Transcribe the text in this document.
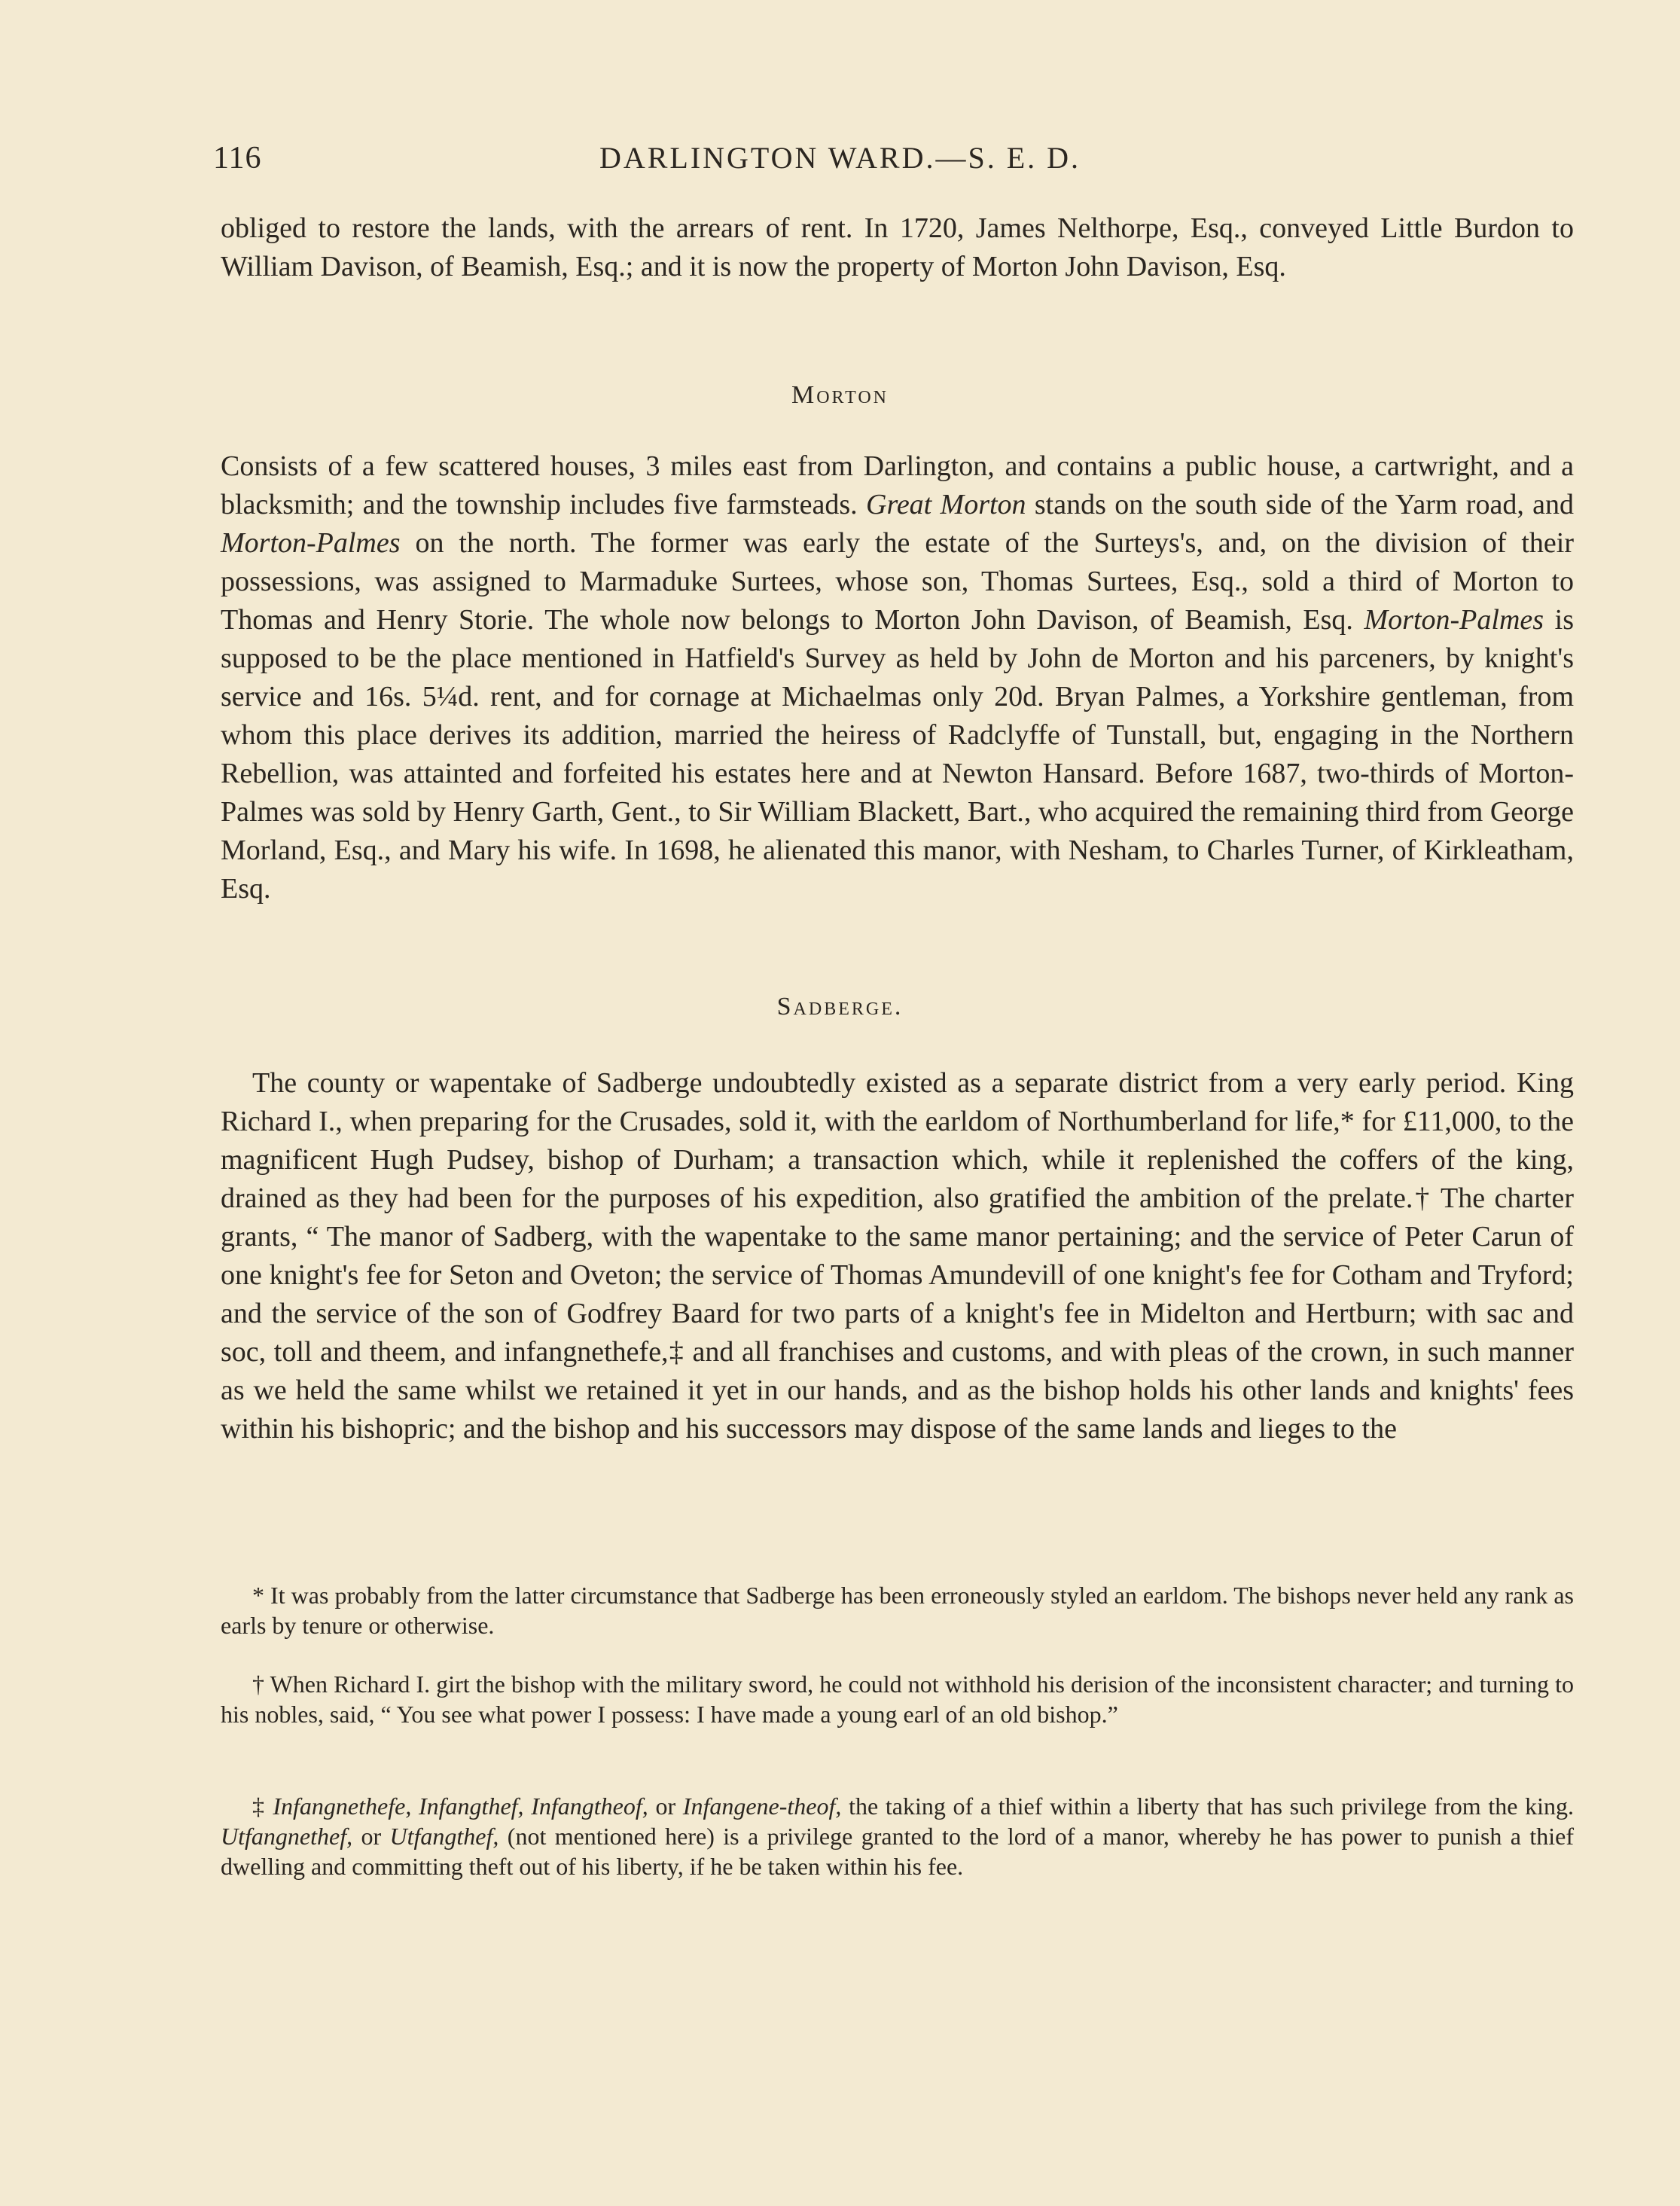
116	DARLINGTON WARD.—S. E. D.

obliged to restore the lands, with the arrears of rent. In 1720, James Nelthorpe, Esq., conveyed Little Burdon to William Davison, of Beamish, Esq.; and it is now the property of Morton John Davison, Esq.

Morton

Consists of a few scattered houses, 3 miles east from Darlington, and contains a public house, a cartwright, and a blacksmith; and the township includes five farmsteads. Great Morton stands on the south side of the Yarm road, and Morton-Palmes on the north. The former was early the estate of the Surteys's, and, on the division of their possessions, was assigned to Marmaduke Surtees, whose son, Thomas Surtees, Esq., sold a third of Morton to Thomas and Henry Storie. The whole now belongs to Morton John Davison, of Beamish, Esq. Morton-Palmes is supposed to be the place mentioned in Hatfield's Survey as held by John de Morton and his parceners, by knight's service and 16s. 5¼d. rent, and for cornage at Michaelmas only 20d. Bryan Palmes, a Yorkshire gentleman, from whom this place derives its addition, married the heiress of Radclyffe of Tunstall, but, engaging in the Northern Rebellion, was attainted and forfeited his estates here and at Newton Hansard. Before 1687, two-thirds of Morton-Palmes was sold by Henry Garth, Gent., to Sir William Blackett, Bart., who acquired the remaining third from George Morland, Esq., and Mary his wife. In 1698, he alienated this manor, with Nesham, to Charles Turner, of Kirkleatham, Esq.

Sadberge.

The county or wapentake of Sadberge undoubtedly existed as a separate district from a very early period. King Richard I., when preparing for the Crusades, sold it, with the earldom of Northumberland for life,* for £11,000, to the magnificent Hugh Pudsey, bishop of Durham; a transaction which, while it replenished the coffers of the king, drained as they had been for the purposes of his expedition, also gratified the ambition of the prelate.† The charter grants, “ The manor of Sadberg, with the wapentake to the same manor pertaining; and the service of Peter Carun of one knight's fee for Seton and Oveton; the service of Thomas Amundevill of one knight's fee for Cotham and Tryford; and the service of the son of Godfrey Baard for two parts of a knight's fee in Midelton and Hertburn; with sac and soc, toll and theem, and infangnethefe,‡ and all franchises and customs, and with pleas of the crown, in such manner as we held the same whilst we retained it yet in our hands, and as the bishop holds his other lands and knights' fees within his bishopric; and the bishop and his successors may dispose of the same lands and lieges to the

* It was probably from the latter circumstance that Sadberge has been erroneously styled an earldom. The bishops never held any rank as earls by tenure or otherwise.
† When Richard I. girt the bishop with the military sword, he could not withhold his derision of the inconsistent character; and turning to his nobles, said, “ You see what power I possess: I have made a young earl of an old bishop.”
‡ Infangnethefe, Infangthef, Infangtheof, or Infangene-theof, the taking of a thief within a liberty that has such privilege from the king. Utfangnethef, or Utfangthef, (not mentioned here) is a privilege granted to the lord of a manor, whereby he has power to punish a thief dwelling and committing theft out of his liberty, if he be taken within his fee.
